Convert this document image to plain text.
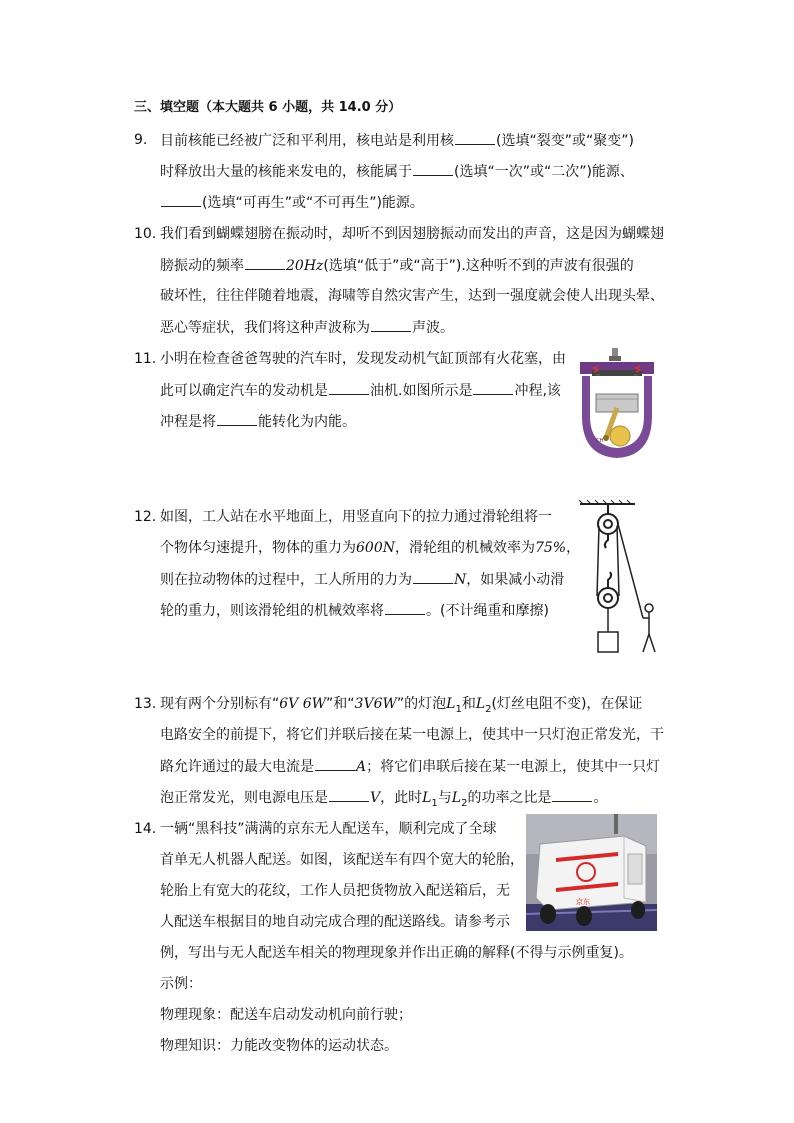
三、填空题（本大题共 6 小题，共 14.0 分）
9. 目前核能已经被广泛和平利用，核电站是利用核	(选填“裂变”或“聚变”)
时释放出大量的核能来发电的，核能属于	(选填“一次”或“二次”)能源、
(选填“可再生”或“不可再生”)能源。
10. 我们看到蝴蝶翅膀在振动时，却听不到因翅膀振动而发出的声音，这是因为蝴蝶翅
膀振动的频率	20Hz(选填“低于”或“高于”).这种听不到的声波有很强的
破坏性，往往伴随着地震，海啸等自然灾害产生，达到一强度就会使人出现头晕、
恶心等症状，我们将这种声波称为	声波。
11. 小明在检查爸爸驾驶的汽车时，发现发动机气缸顶部有火花塞，由
此可以确定汽车的发动机是	油机.如图所示是	冲程,该
冲程是将	能转化为内能。
CH
12. 如图，工人站在水平地面上，用竖直向下的拉力通过滑轮组将一
个物体匀速提升，物体的重力为600N，滑轮组的机械效率为75%，
则在拉动物体的过程中，工人所用的力为	N，如果减小动滑
轮的重力，则该滑轮组的机械效率将	。(不计绳重和摩擦)
13. 现有两个分别标有“6V 6W”和“3V6W”的灯泡$L_1$和$L_2$(灯丝电阻不变)，在保证
电路安全的前提下，将它们并联后接在某一电源上，使其中一只灯泡正常发光，干
路允许通过的最大电流是	A；将它们串联后接在某一电源上，使其中一只灯
泡正常发光，则电源电压是	V，此时$L_1$与$L_2$的功率之比是	。
14. 一辆“黑科技”满满的京东无人配送车，顺利完成了全球
首单无人机器人配送。如图，该配送车有四个宽大的轮胎，
轮胎上有宽大的花纹，工作人员把货物放入配送箱后，无
人配送车根据目的地自动完成合理的配送路线。请参考示
例，写出与无人配送车相关的物理现象并作出正确的解释(不得与示例重复)。
示例：
物理现象：配送车启动发动机向前行驶；
物理知识：力能改变物体的运动状态。
京东
